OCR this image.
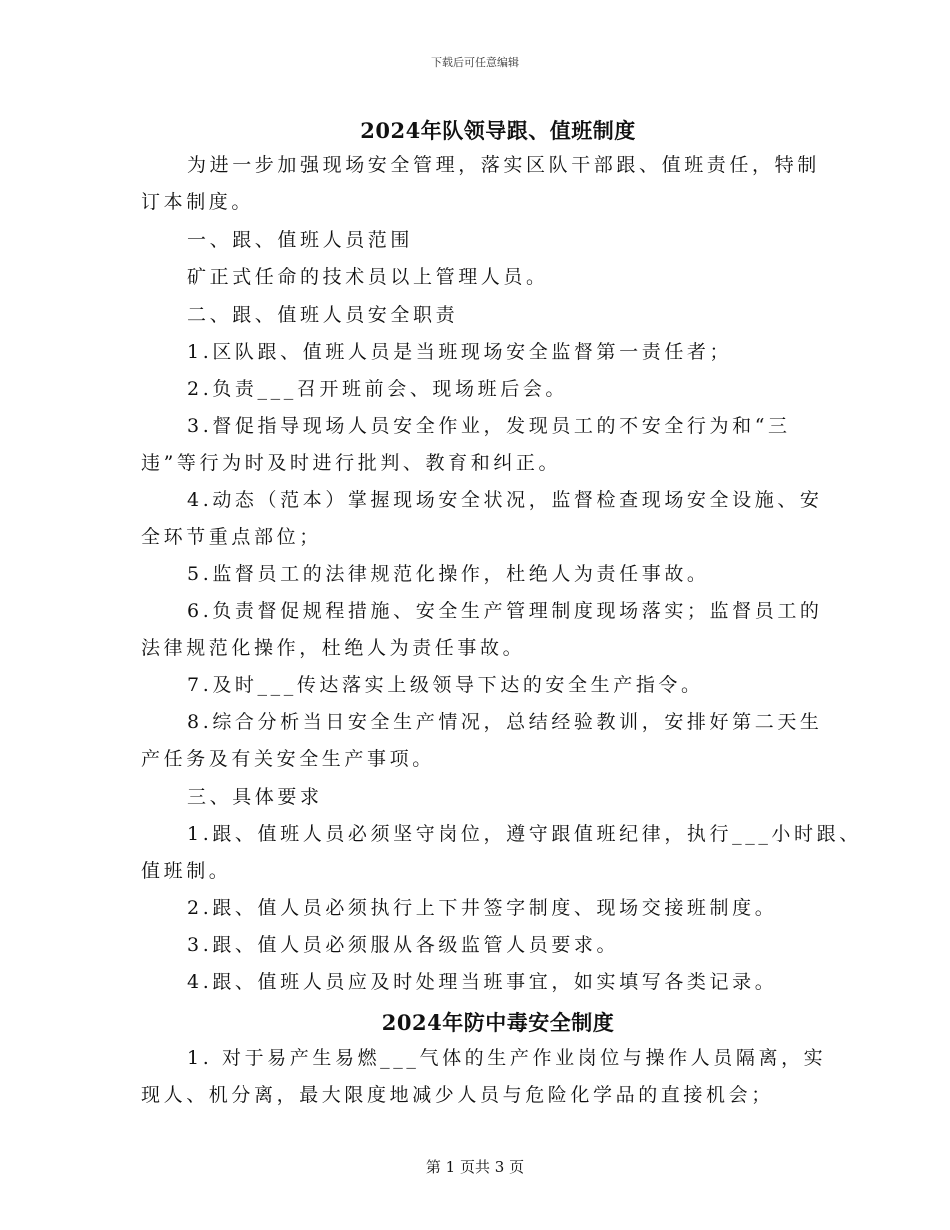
下载后可任意编辑
2024年队领导跟、值班制度
为进一步加强现场安全管理，落实区队干部跟、值班责任，特制
订本制度。
一、跟、值班人员范围
矿正式任命的技术员以上管理人员。
二、跟、值班人员安全职责
1.区队跟、值班人员是当班现场安全监督第一责任者；
2.负责___召开班前会、现场班后会。
3.督促指导现场人员安全作业，发现员工的不安全行为和“三
违”等行为时及时进行批判、教育和纠正。
4.动态（范本）掌握现场安全状况，监督检查现场安全设施、安
全环节重点部位；
5.监督员工的法律规范化操作，杜绝人为责任事故。
6.负责督促规程措施、安全生产管理制度现场落实；监督员工的
法律规范化操作，杜绝人为责任事故。
7.及时___传达落实上级领导下达的安全生产指令。
8.综合分析当日安全生产情况，总结经验教训，安排好第二天生
产任务及有关安全生产事项。
三、具体要求
1.跟、值班人员必须坚守岗位，遵守跟值班纪律，执行___小时跟、
值班制。
2.跟、值人员必须执行上下井签字制度、现场交接班制度。
3.跟、值人员必须服从各级监管人员要求。
4.跟、值班人员应及时处理当班事宜，如实填写各类记录。
2024年防中毒安全制度
1. 对于易产生易燃___气体的生产作业岗位与操作人员隔离，实
现人、机分离，最大限度地减少人员与危险化学品的直接机会；
第 1 页共 3 页
